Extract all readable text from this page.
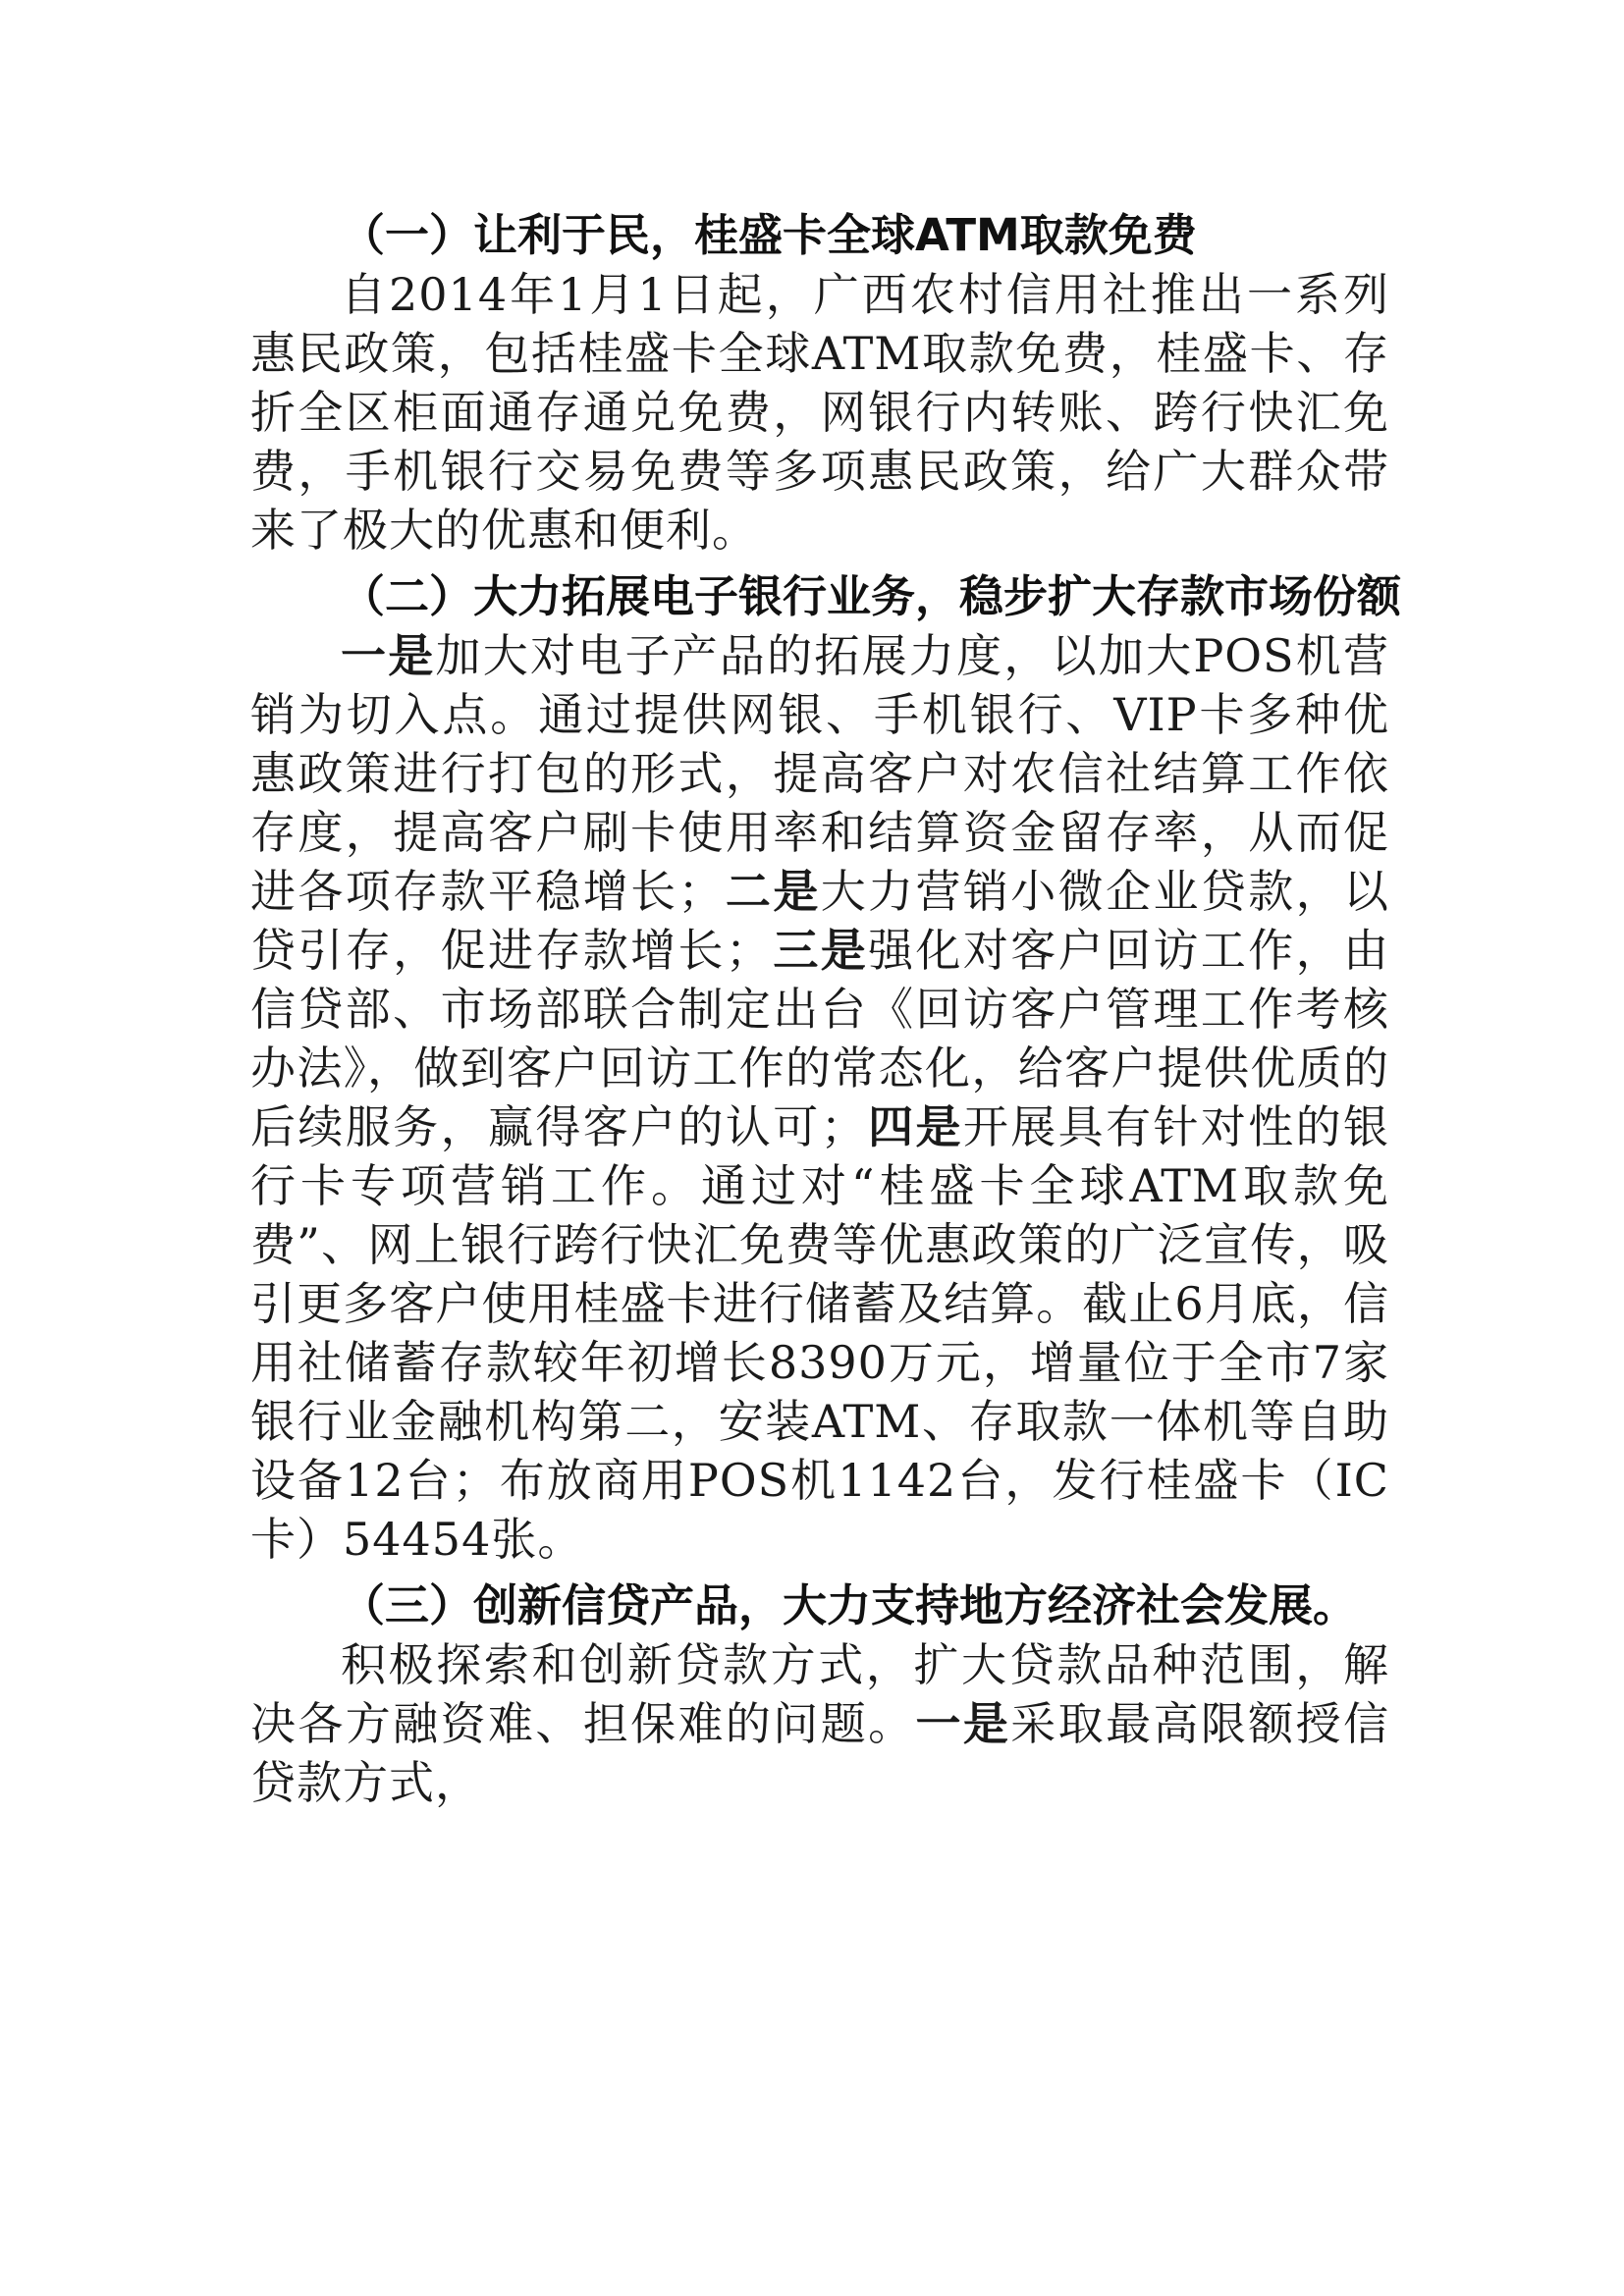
（一）让利于民，桂盛卡全球ATM取款免费

自2014年1月1日起，广西农村信用社推出一系列惠民政策，包括桂盛卡全球ATM取款免费，桂盛卡、存折全区柜面通存通兑免费，网银行内转账、跨行快汇免费，手机银行交易免费等多项惠民政策，给广大群众带来了极大的优惠和便利。

（二）大力拓展电子银行业务，稳步扩大存款市场份额

一是加大对电子产品的拓展力度，以加大POS机营销为切入点。通过提供网银、手机银行、VIP卡多种优惠政策进行打包的形式，提高客户对农信社结算工作依存度，提高客户刷卡使用率和结算资金留存率，从而促进各项存款平稳增长；二是大力营销小微企业贷款，以贷引存，促进存款增长；三是强化对客户回访工作，由信贷部、市场部联合制定出台《回访客户管理工作考核办法》，做到客户回访工作的常态化，给客户提供优质的后续服务，赢得客户的认可；四是开展具有针对性的银行卡专项营销工作。通过对“桂盛卡全球ATM取款免费”、网上银行跨行快汇免费等优惠政策的广泛宣传，吸引更多客户使用桂盛卡进行储蓄及结算。截止6月底，信用社储蓄存款较年初增长8390万元，增量位于全市7家银行业金融机构第二，安装ATM、存取款一体机等自助设备12台；布放商用POS机1142台，发行桂盛卡（IC卡）54454张。

（三）创新信贷产品，大力支持地方经济社会发展。

积极探索和创新贷款方式，扩大贷款品种范围，解决各方融资难、担保难的问题。一是采取最高限额授信贷款方式，
